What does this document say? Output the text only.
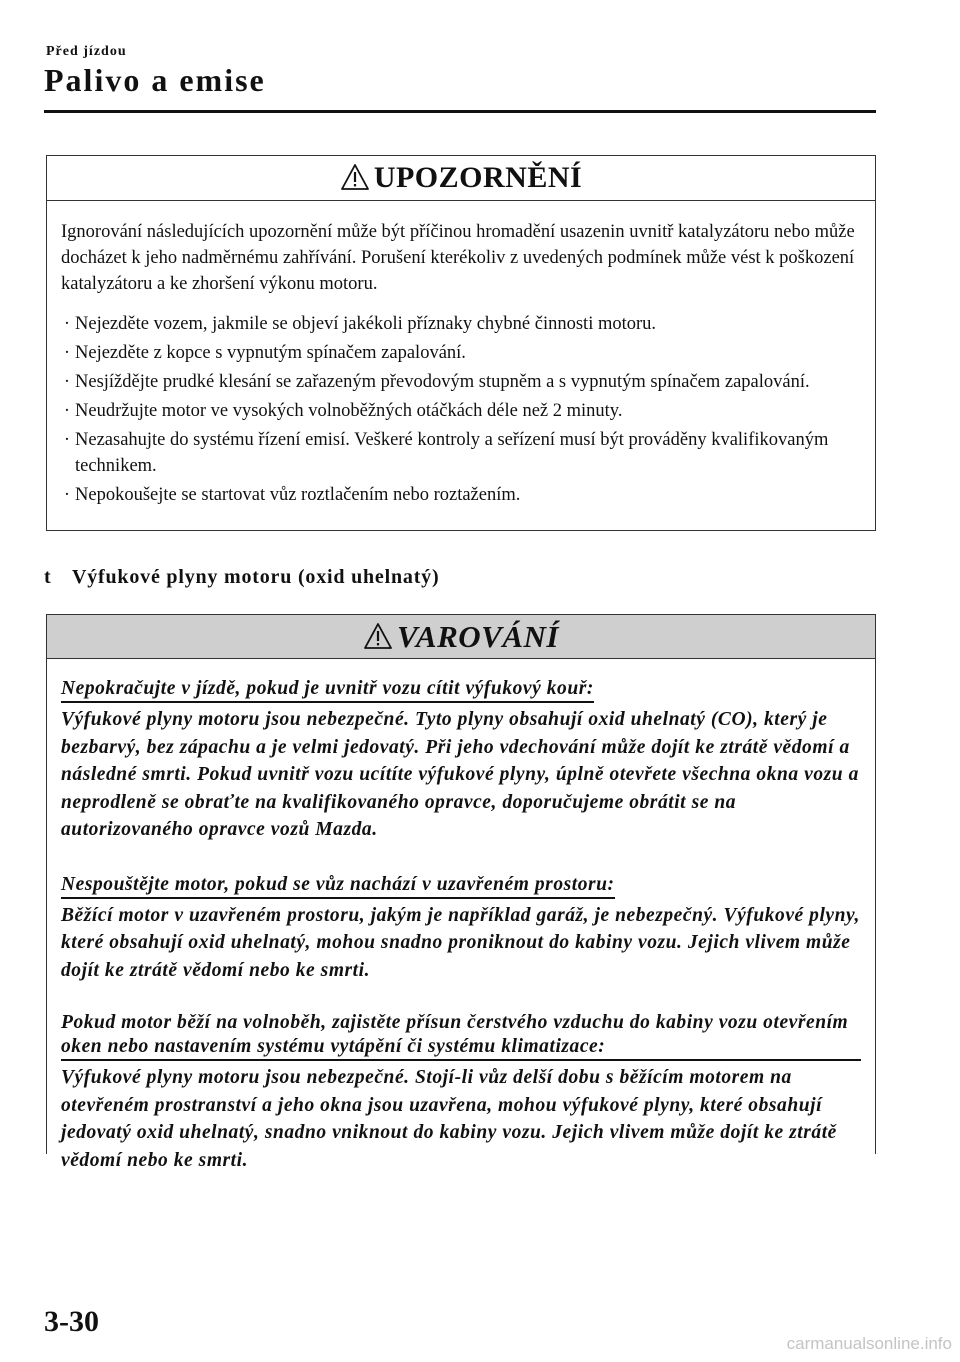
Před jízdou
Palivo a emise
UPOZORNĚNÍ
Ignorování následujících upozornění může být příčinou hromadění usazenin uvnitř katalyzátoru nebo může docházet k jeho nadměrnému zahřívání. Porušení kterékoliv z uvedených podmínek může vést k poškození katalyzátoru a ke zhoršení výkonu motoru.
· Nejezděte vozem, jakmile se objeví jakékoli příznaky chybné činnosti motoru.
· Nejezděte z kopce s vypnutým spínačem zapalování.
· Nesjíždějte prudké klesání se zařazeným převodovým stupněm a s vypnutým spínačem zapalování.
· Neudržujte motor ve vysokých volnoběžných otáčkách déle než 2 minuty.
· Nezasahujte do systému řízení emisí. Veškeré kontroly a seřízení musí být prováděny kvalifikovaným technikem.
· Nepokoušejte se startovat vůz roztlačením nebo roztažením.
t Výfukové plyny motoru (oxid uhelnatý)
VAROVÁNÍ
Nepokračujte v jízdě, pokud je uvnitř vozu cítit výfukový kouř:
Výfukové plyny motoru jsou nebezpečné. Tyto plyny obsahují oxid uhelnatý (CO), který je bezbarvý, bez zápachu a je velmi jedovatý. Při jeho vdechování může dojít ke ztrátě vědomí a následné smrti. Pokud uvnitř vozu ucítíte výfukové plyny, úplně otevřete všechna okna vozu a neprodleně se obraťte na kvalifikovaného opravce, doporučujeme obrátit se na autorizovaného opravce vozů Mazda.
Nespouštějte motor, pokud se vůz nachází v uzavřeném prostoru:
Běžící motor v uzavřeném prostoru, jakým je například garáž, je nebezpečný. Výfukové plyny, které obsahují oxid uhelnatý, mohou snadno proniknout do kabiny vozu. Jejich vlivem může dojít ke ztrátě vědomí nebo ke smrti.
Pokud motor běží na volnoběh, zajistěte přísun čerstvého vzduchu do kabiny vozu otevřením oken nebo nastavením systému vytápění či systému klimatizace:
Výfukové plyny motoru jsou nebezpečné. Stojí-li vůz delší dobu s běžícím motorem na otevřeném prostranství a jeho okna jsou uzavřena, mohou výfukové plyny, které obsahují jedovatý oxid uhelnatý, snadno vniknout do kabiny vozu. Jejich vlivem může dojít ke ztrátě vědomí nebo ke smrti.
3-30
carmanualsonline.info
